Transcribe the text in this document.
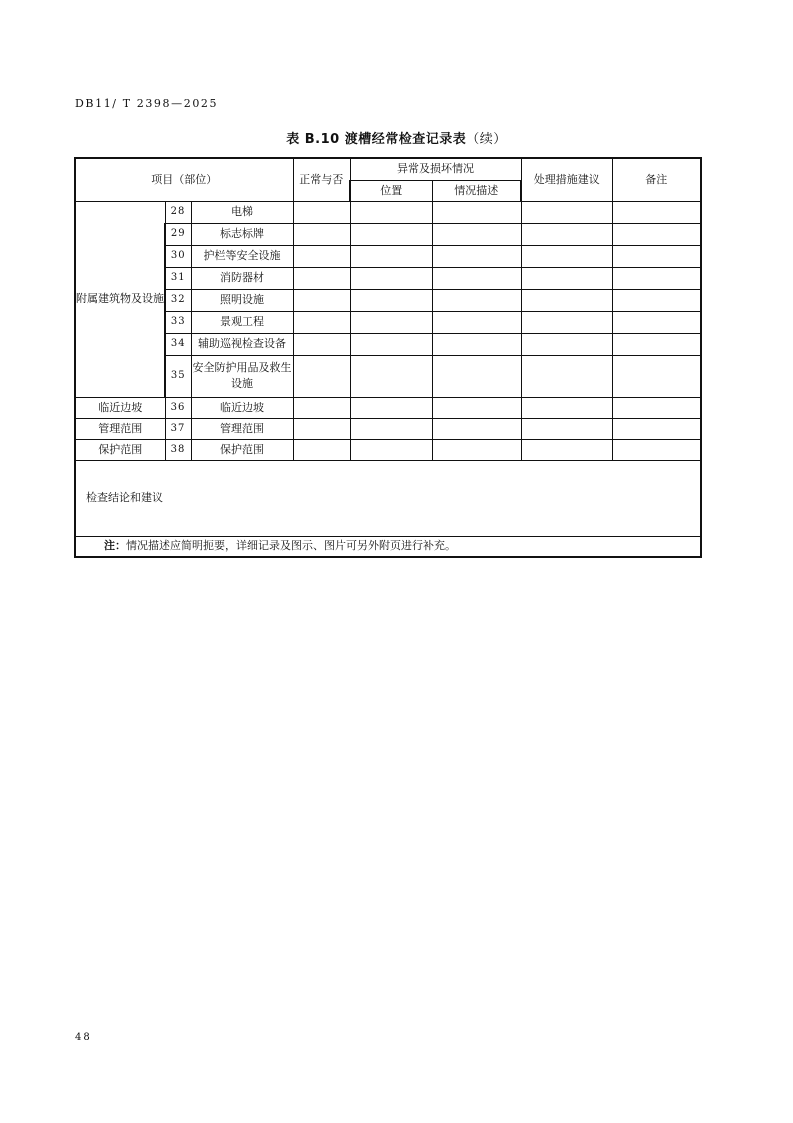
DB11/ T 2398—2025
表 B.10 渡槽经常检查记录表（续）
项目（部位）			正常与否	异常及损坏情况		处理措施建议	备注
				位置	情况描述		
附属建筑物及设施	28	电梯					
	29	标志标牌					
	30	护栏等安全设施					
	31	消防器材					
	32	照明设施					
	33	景观工程					
	34	辅助巡视检查设备					
	35	安全防护用品及救生设施					
临近边坡	36	临近边坡					
管理范围	37	管理范围					
保护范围	38	保护范围					
检查结论和建议							
注：情况描述应简明扼要，详细记录及图示、图片可另外附页进行补充。							
48
